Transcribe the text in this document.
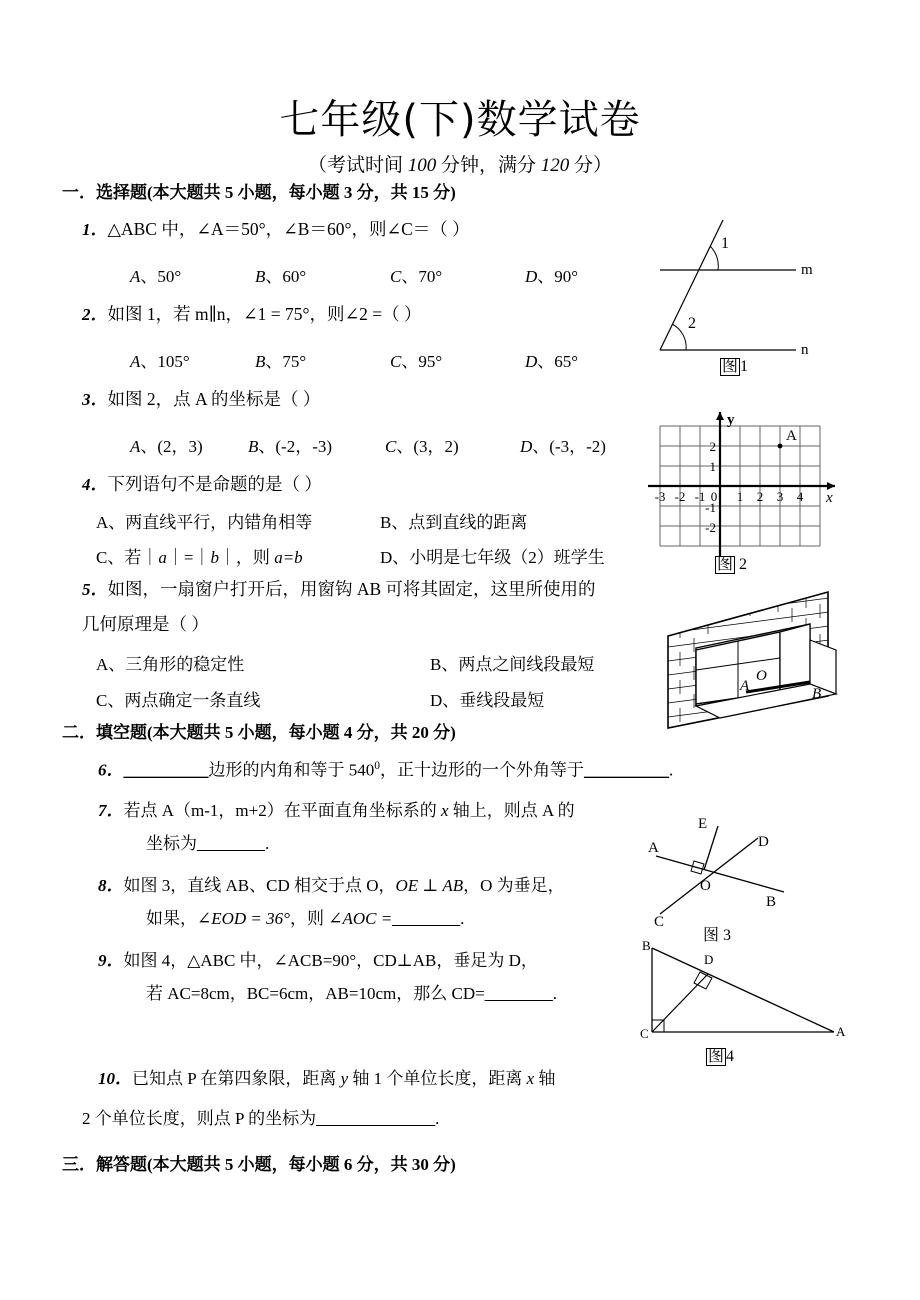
七年级(下)数学试卷
（考试时间 100 分钟，满分 120 分）
一．选择题(本大题共 5 小题，每小题 3 分，共 15 分)
1．△ABC 中，∠A＝50°，∠B＝60°，则∠C＝（ ）
A、50°	B、60°	C、70°	D、90°
2．如图 1，若 m∥n，∠1 = 75°，则∠2 =（ ）
A、105°	B、75°	C、95°	D、65°
3．如图 2，点 A 的坐标是（ ）
A、(2，3)	B、(-2，-3)	C、(3，2)	D、(-3，-2)
4．下列语句不是命题的是（ ）
A、两直线平行，内错角相等	B、点到直线的距离
C、若｜a｜=｜b｜，则 a=b	D、小明是七年级（2）班学生
5．如图，一扇窗户打开后，用窗钩 AB 可将其固定，这里所使用的
几何原理是（ ）
A、三角形的稳定性	B、两点之间线段最短
C、两点确定一条直线	D、垂线段最短
二．填空题(本大题共 5 小题，每小题 4 分，共 20 分)
6．__________边形的内角和等于 $540^0$，正十边形的一个外角等于__________.
7．若点 A（m-1，m+2）在平面直角坐标系的 x 轴上，则点 A 的
坐标为________.
8．如图 3，直线 AB、CD 相交于点 O，OE ⊥ AB，O 为垂足，
如果，∠EOD = 36°，则 ∠AOC =________.
9．如图 4，△ABC 中，∠ACB=90°，CD⊥AB，垂足为 D，
若 AC=8cm，BC=6cm，AB=10cm，那么 CD=________.
10．已知点 P 在第四象限，距离 y 轴 1 个单位长度，距离 x 轴
2 个单位长度，则点 P 的坐标为______________.
三．解答题(本大题共 5 小题，每小题 6 分，共 30 分)
1
2
m
n
图 1
A
x
y
-3 -2 -1 0 1 2 3 4
2
1
-1
-2
图 2
A
O
B
E
D
A
B
C
O
图 3
B
C	A
D
图 4
